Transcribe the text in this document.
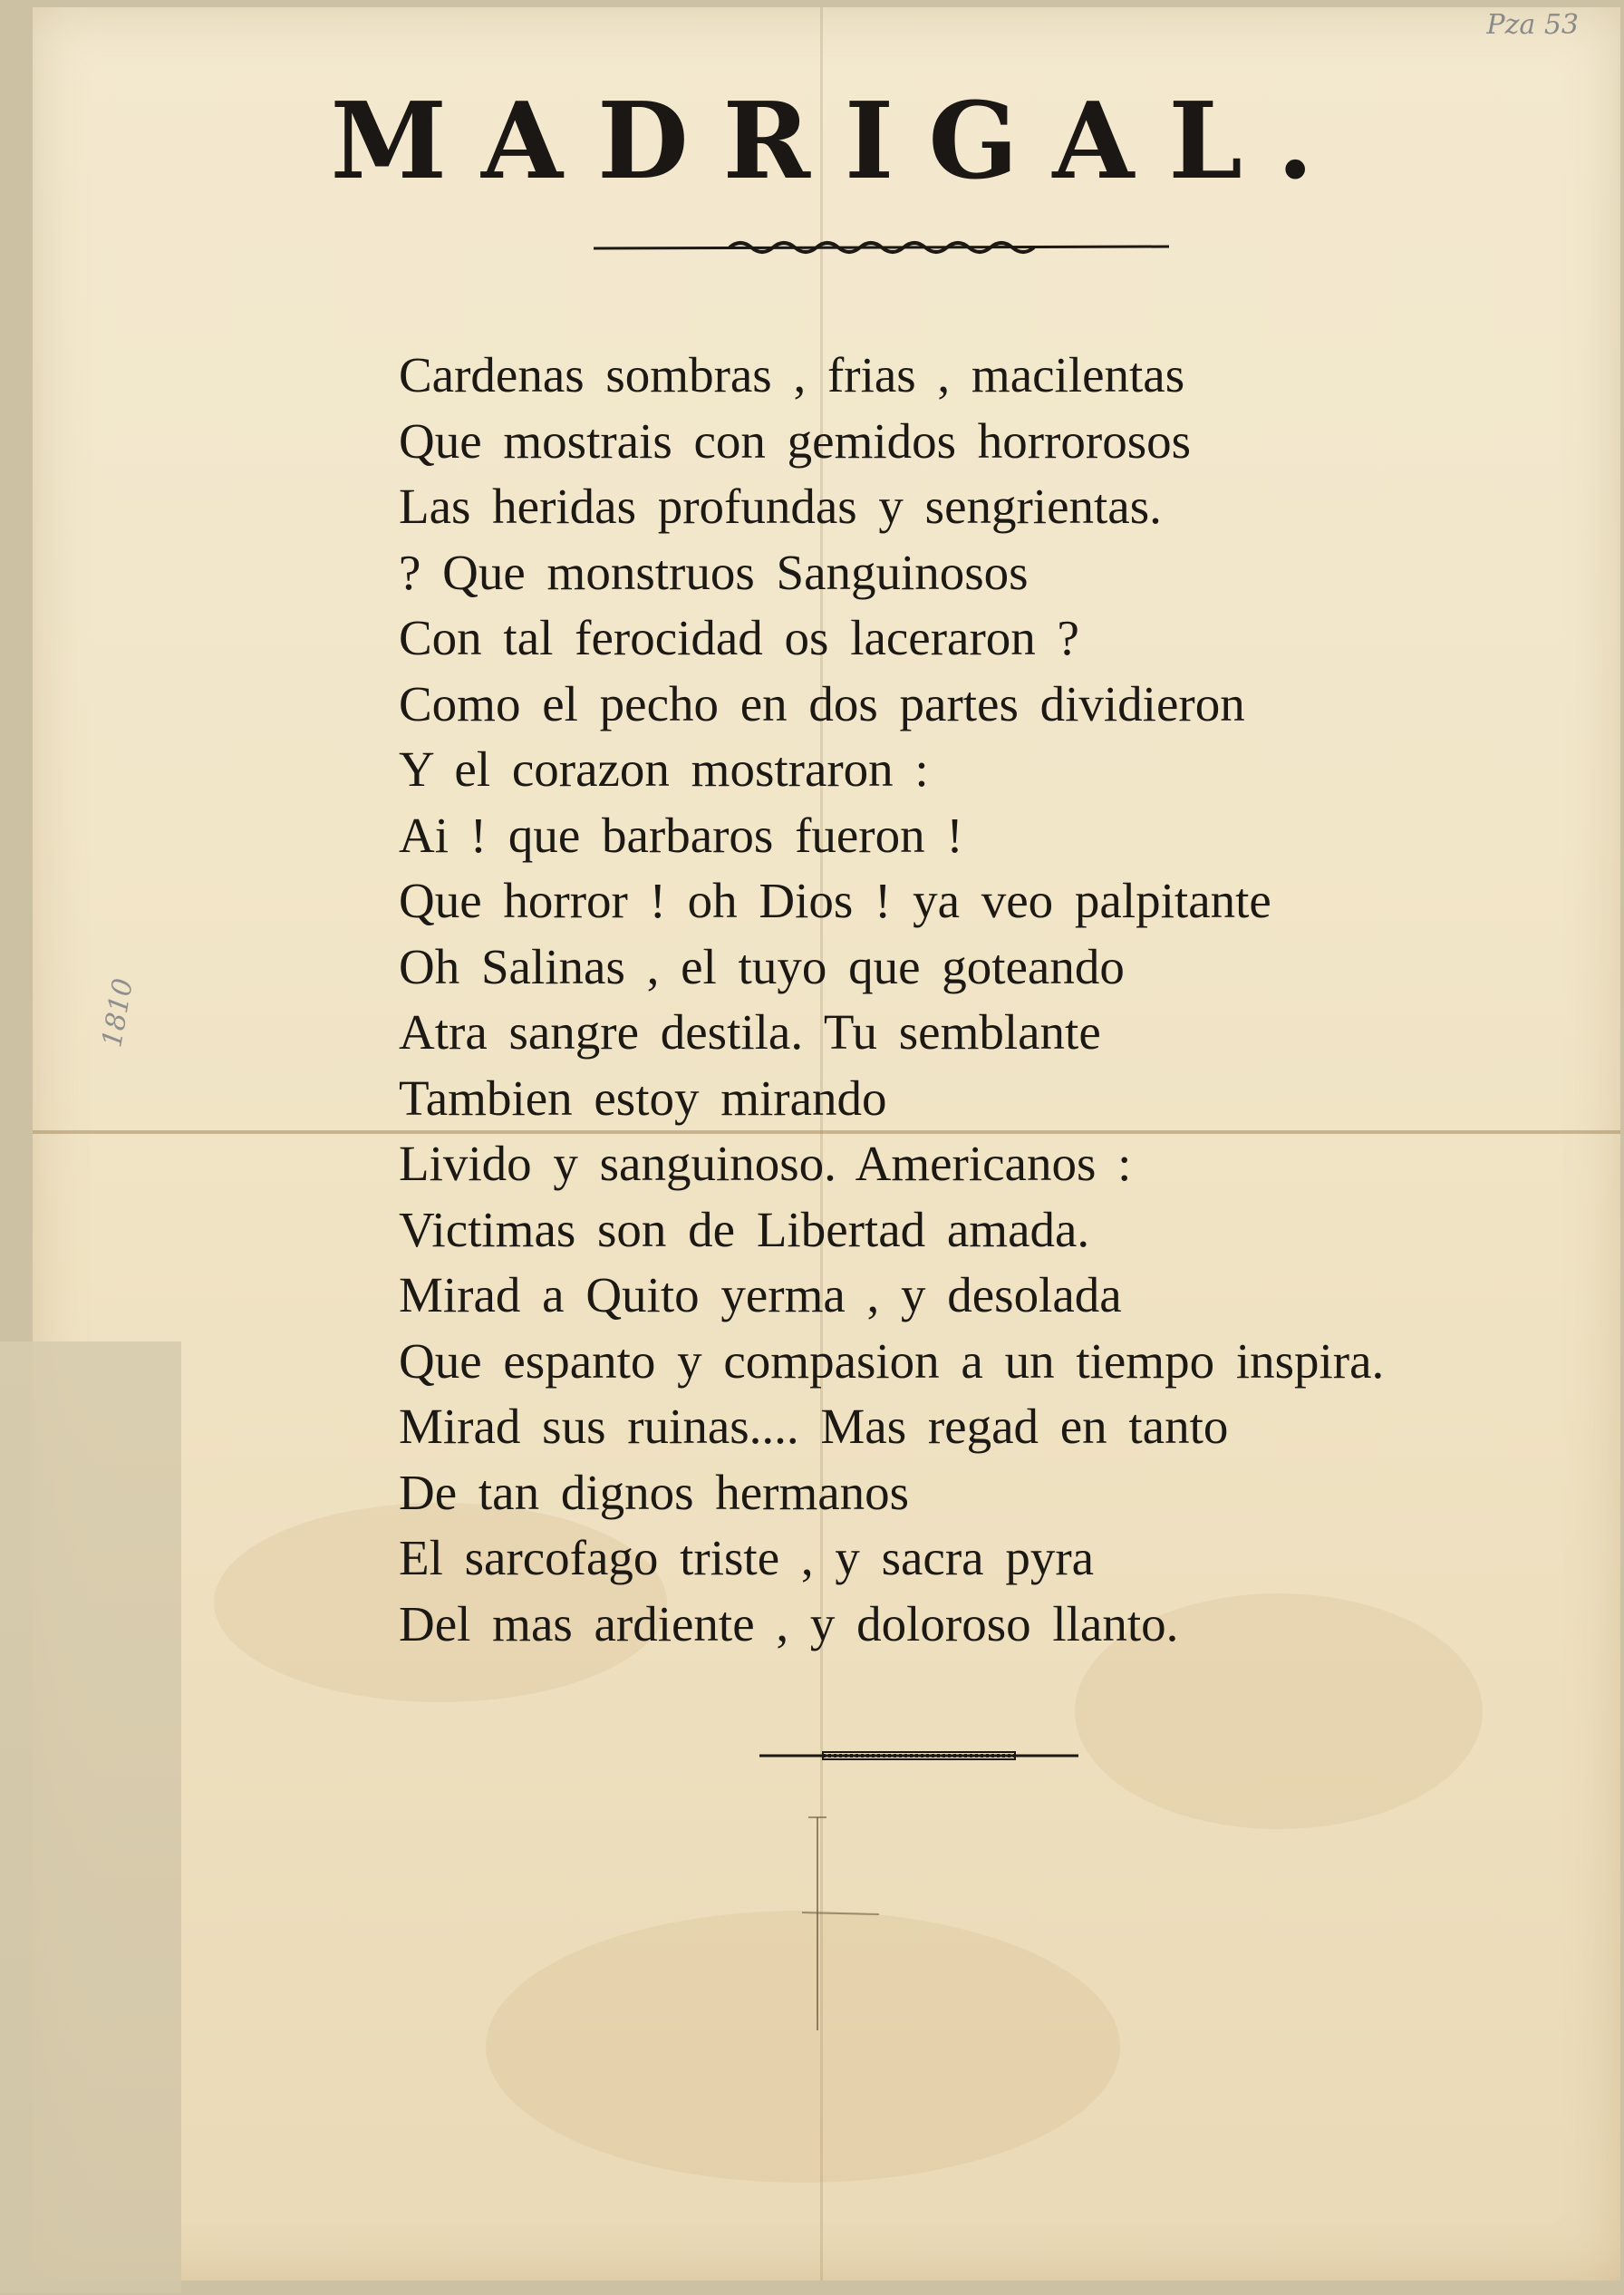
Pza 53
1810
MADRIGAL.
Cardenas sombras , frias , macilentas
Que mostrais con gemidos horrorosos
Las heridas profundas y sengrientas.
? Que monstruos Sanguinosos
Con tal ferocidad os laceraron ?
Como el pecho en dos partes dividieron
Y el corazon mostraron :
Ai ! que barbaros fueron !
Que horror ! oh Dios ! ya veo palpitante
Oh Salinas , el tuyo que goteando
Atra sangre destila. Tu semblante
Tambien estoy mirando
Livido y sanguinoso. Americanos :
Victimas son de Libertad amada.
Mirad a Quito yerma , y desolada
Que espanto y compasion a un tiempo inspira.
Mirad sus ruinas.... Mas regad en tanto
De tan dignos hermanos
El sarcofago triste , y sacra pyra
Del mas ardiente , y doloroso llanto.
